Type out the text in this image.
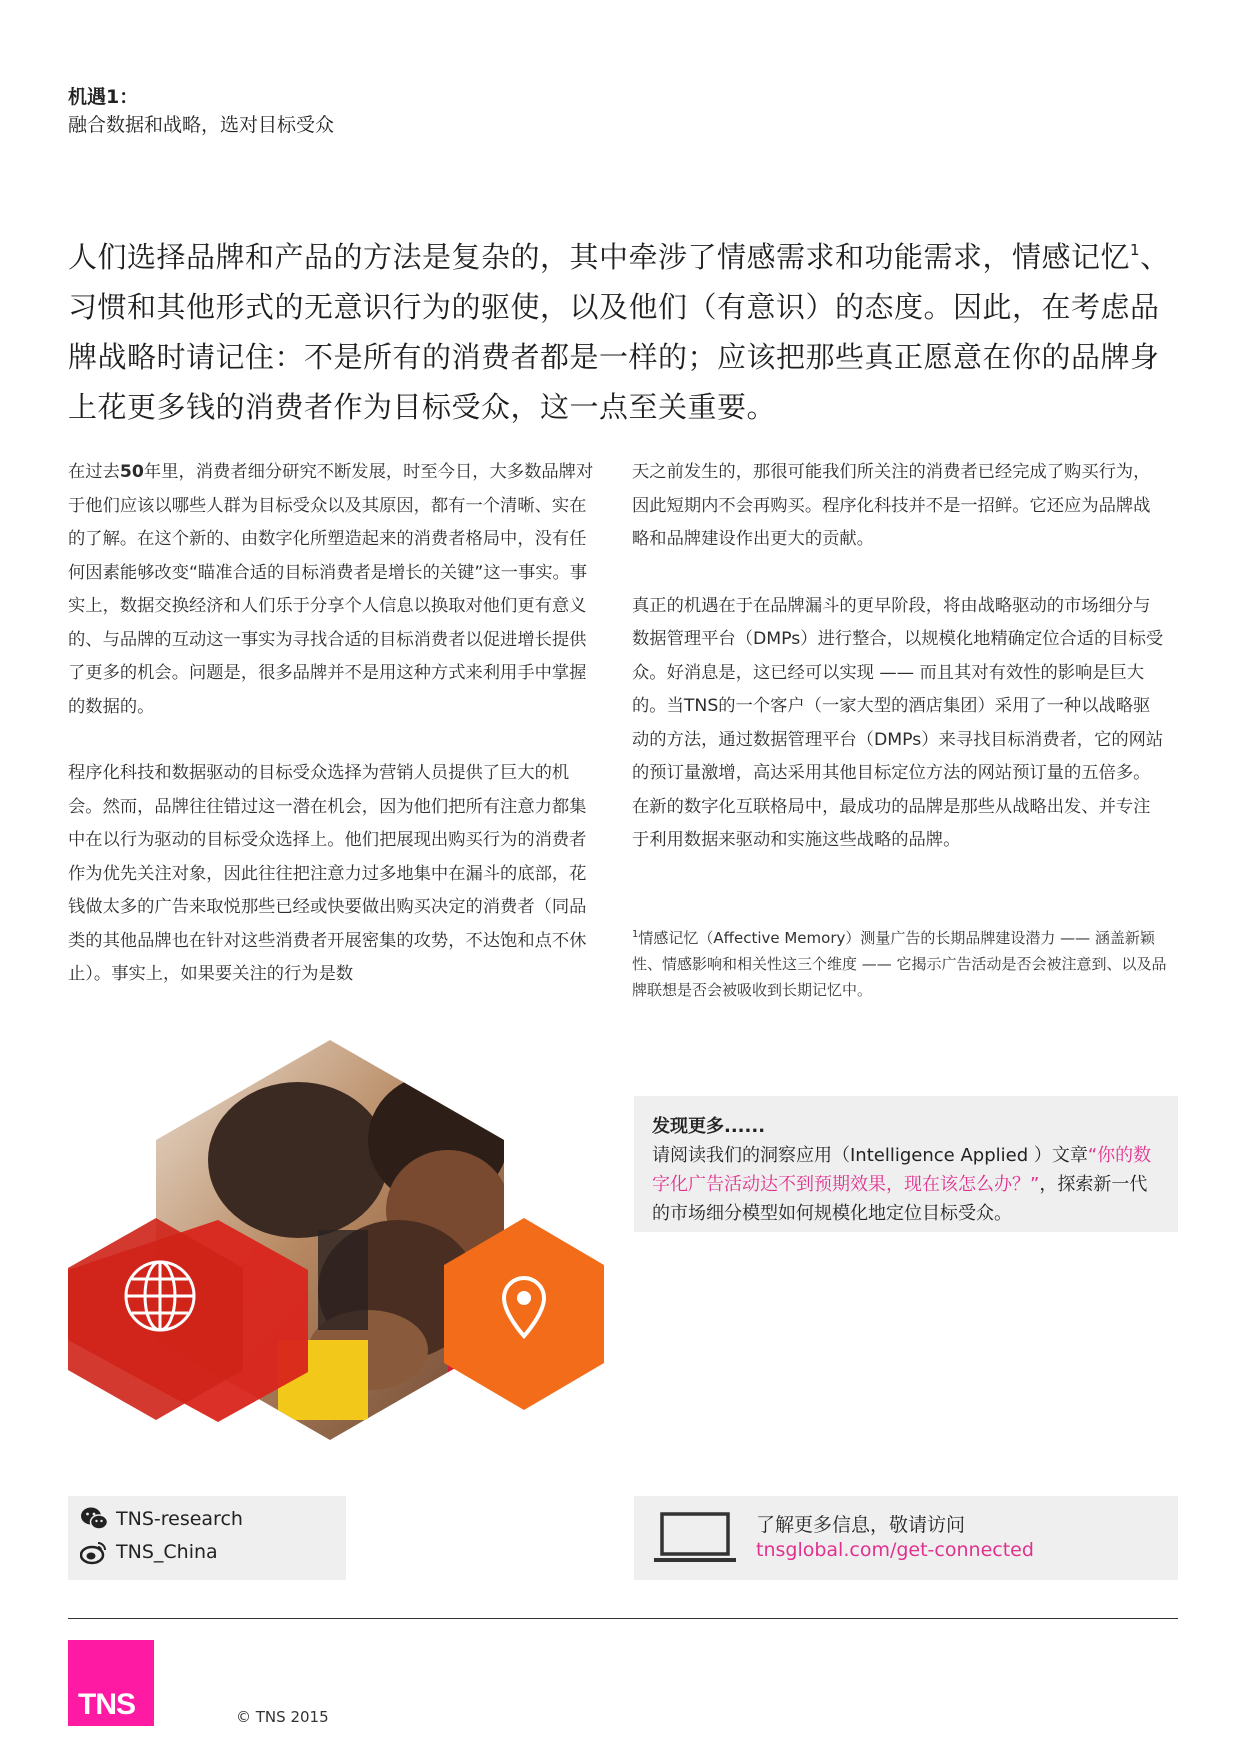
机遇1：
融合数据和战略，选对目标受众
人们选择品牌和产品的方法是复杂的，其中牵涉了情感需求和功能需求，情感记忆$^1$、习惯和其他形式的无意识行为的驱使，以及他们（有意识）的态度。因此，在考虑品牌战略时请记住：不是所有的消费者都是一样的；应该把那些真正愿意在你的品牌身上花更多钱的消费者作为目标受众，这一点至关重要。

在过去50年里，消费者细分研究不断发展，时至今日，大多数品牌对于他们应该以哪些人群为目标受众以及其原因，都有一个清晰、实在的了解。在这个新的、由数字化所塑造起来的消费者格局中，没有任何因素能够改变“瞄准合适的目标消费者是增长的关键”这一事实。事实上，数据交换经济和人们乐于分享个人信息以换取对他们更有意义的、与品牌的互动这一事实为寻找合适的目标消费者以促进增长提供了更多的机会。问题是，很多品牌并不是用这种方式来利用手中掌握的数据的。

程序化科技和数据驱动的目标受众选择为营销人员提供了巨大的机会。然而，品牌往往错过这一潜在机会，因为他们把所有注意力都集中在以行为驱动的目标受众选择上。他们把展现出购买行为的消费者作为优先关注对象，因此往往把注意力过多地集中在漏斗的底部，花钱做太多的广告来取悦那些已经或快要做出购买决定的消费者（同品类的其他品牌也在针对这些消费者开展密集的攻势，不达饱和点不休止）。事实上，如果要关注的行为是数

天之前发生的，那很可能我们所关注的消费者已经完成了购买行为，因此短期内不会再购买。程序化科技并不是一招鲜。它还应为品牌战略和品牌建设作出更大的贡献。

真正的机遇在于在品牌漏斗的更早阶段，将由战略驱动的市场细分与数据管理平台（DMPs）进行整合，以规模化地精确定位合适的目标受众。好消息是，这已经可以实现 —— 而且其对有效性的影响是巨大的。当TNS的一个客户（一家大型的酒店集团）采用了一种以战略驱动的方法，通过数据管理平台（DMPs）来寻找目标消费者，它的网站的预订量激增，高达采用其他目标定位方法的网站预订量的五倍多。在新的数字化互联格局中，最成功的品牌是那些从战略出发、并专注于利用数据来驱动和实施这些战略的品牌。

$^1$情感记忆（Affective Memory）测量广告的长期品牌建设潜力 —— 涵盖新颖性、情感影响和相关性这三个维度 —— 它揭示广告活动是否会被注意到、以及品牌联想是否会被吸收到长期记忆中。
发现更多......
请阅读我们的洞察应用（Intelligence Applied ）文章“你的数字化广告活动达不到预期效果，现在该怎么办？”，探索新一代的市场细分模型如何规模化地定位目标受众。
TNS-research
TNS_China
了解更多信息，敬请访问
tnsglobal.com/get-connected
TNS	© TNS 2015
